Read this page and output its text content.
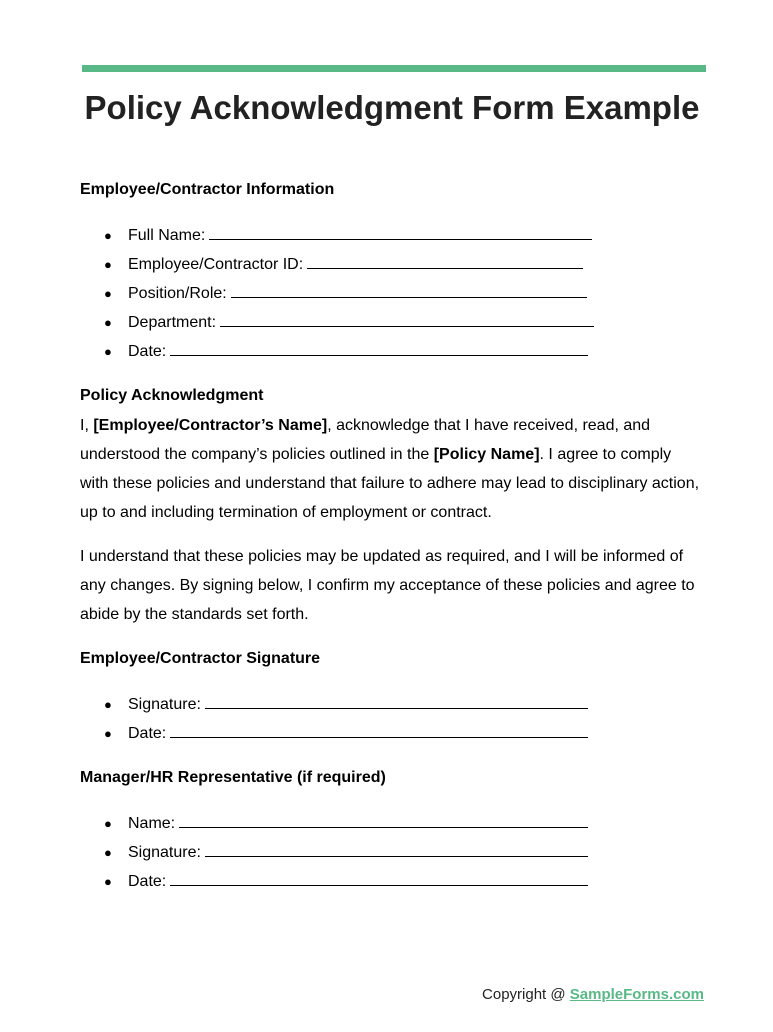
Policy Acknowledgment Form Example
Employee/Contractor Information
● Full Name:
● Employee/Contractor ID:
● Position/Role:
● Department:
● Date:
Policy Acknowledgment

I, [Employee/Contractor’s Name], acknowledge that I have received, read, and understood the company’s policies outlined in the [Policy Name]. I agree to comply with these policies and understand that failure to adhere may lead to disciplinary action, up to and including termination of employment or contract.

I understand that these policies may be updated as required, and I will be informed of any changes. By signing below, I confirm my acceptance of these policies and agree to abide by the standards set forth.

Employee/Contractor Signature
● Signature:
● Date:
Manager/HR Representative (if required)
● Name:
● Signature:
● Date:
Copyright @ SampleForms.com
